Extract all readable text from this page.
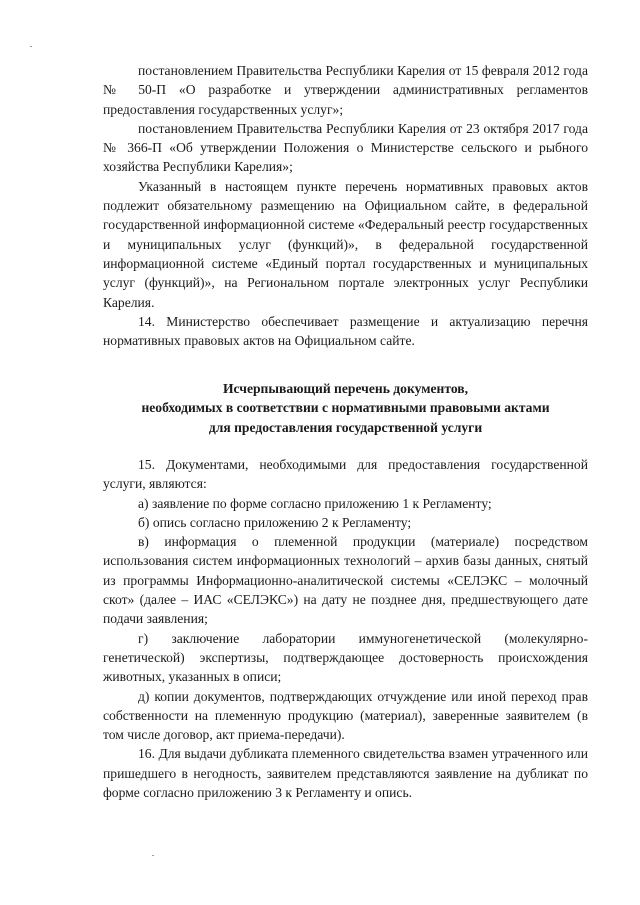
постановлением Правительства Республики Карелия от 15 февраля 2012 года № 50-П «О разработке и утверждении административных регламентов предоставления государственных услуг»;

постановлением Правительства Республики Карелия от 23 октября 2017 года № 366-П «Об утверждении Положения о Министерстве сельского и рыбного хозяйства Республики Карелия»;

Указанный в настоящем пункте перечень нормативных правовых актов подлежит обязательному размещению на Официальном сайте, в федеральной государственной информационной системе «Федеральный реестр государственных и муниципальных услуг (функций)», в федеральной государственной информационной системе «Единый портал государственных и муниципальных услуг (функций)», на Региональном портале электронных услуг Республики Карелия.

14. Министерство обеспечивает размещение и актуализацию перечня нормативных правовых актов на Официальном сайте.

Исчерпывающий перечень документов,
необходимых в соответствии с нормативными правовыми актами
для предоставления государственной услуги

15. Документами, необходимыми для предоставления государственной услуги, являются:

а) заявление по форме согласно приложению 1 к Регламенту;

б) опись согласно приложению 2 к Регламенту;

в) информация о племенной продукции (материале) посредством использования систем информационных технологий – архив базы данных, снятый из программы Информационно-аналитической системы «СЕЛЭКС – молочный скот» (далее – ИАС «СЕЛЭКС») на дату не позднее дня, предшествующего дате подачи заявления;

г) заключение лаборатории иммуногенетической (молекулярно-генетической) экспертизы, подтверждающее достоверность происхождения животных, указанных в описи;

д) копии документов, подтверждающих отчуждение или иной переход прав собственности на племенную продукцию (материал), заверенные заявителем (в том числе договор, акт приема-передачи).

16. Для выдачи дубликата племенного свидетельства взамен утраченного или пришедшего в негодность, заявителем представляются заявление на дубликат по форме согласно приложению 3 к Регламенту и опись.
